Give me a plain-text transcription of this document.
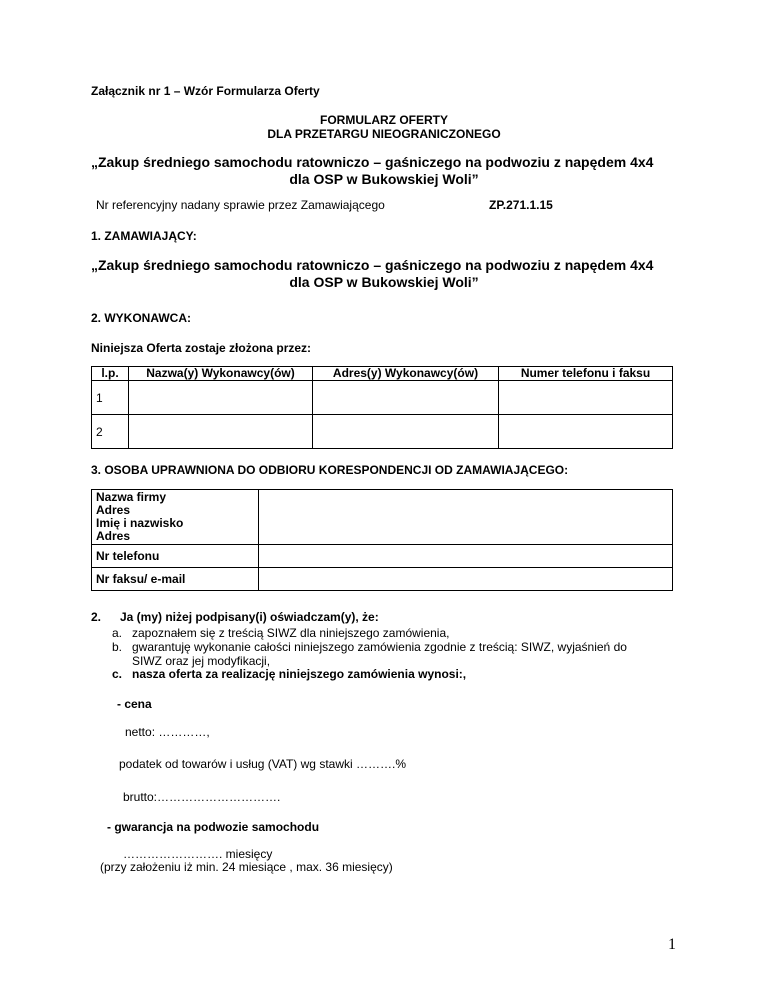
Załącznik nr 1 – Wzór Formularza Oferty
FORMULARZ OFERTY
DLA PRZETARGU NIEOGRANICZONEGO
„Zakup średniego samochodu ratowniczo – gaśniczego na podwoziu z napędem 4x4
dla OSP w Bukowskiej Woli”
Nr referencyjny nadany sprawie przez Zamawiającego	ZP.271.1.15
1. ZAMAWIAJĄCY:
„Zakup średniego samochodu ratowniczo – gaśniczego na podwoziu z napędem 4x4
dla OSP w Bukowskiej Woli”
2. WYKONAWCA:
Niniejsza Oferta zostaje złożona przez:
l.p.	Nazwa(y) Wykonawcy(ów)	Adres(y) Wykonawcy(ów)	Numer telefonu i faksu
1			
2			
3. OSOBA UPRAWNIONA DO ODBIORU KORESPONDENCJI OD ZAMAWIAJĄCEGO:
Nazwa firmy
Adres
Imię i nazwisko
Adres	

Nr telefonu	
Nr faksu/ e-mail	
2. Ja (my) niżej podpisany(i) oświadczam(y), że:
a. zapoznałem się z treścią SIWZ dla niniejszego zamówienia,
b. gwarantuję wykonanie całości niniejszego zamówienia zgodnie z treścią: SIWZ, wyjaśnień do
SIWZ oraz jej modyfikacji,
c. nasza oferta za realizację niniejszego zamówienia wynosi:,
- cena
netto: …………,
podatek od towarów i usług (VAT) wg stawki ……….%
brutto:………………………….
- gwarancja na podwozie samochodu
……………………. miesięcy
(przy założeniu iż min. 24 miesiące , max. 36 miesięcy)
1
